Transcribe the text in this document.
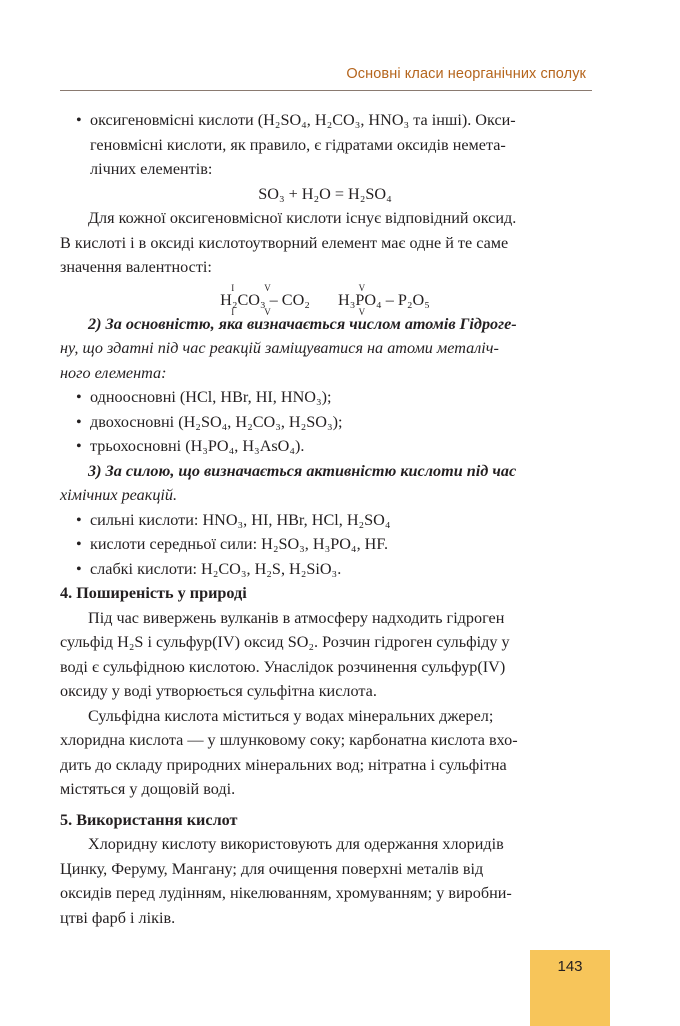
Основні класи неорганічних сполук

• оксигеновмісні кислоти (H₂SO₄, H₂CO₃, HNO₃ та інші). Окси-

геновмісні кислоти, як правило, є гідратами оксидів немета-

лічних елементів:

SO₃ + H₂O = H₂SO₄

Для кожної оксигеновмісної кислоти існує відповідний оксид.

В кислоті і в оксиді кислотоутворний елемент має одне й те саме

значення валентності:

IV IV
H₂CO₃ – CO₂
V V
H₃PO₄ – P₂O₅

2) За основністю, яка визначається числом атомів Гідроге-

ну, що здатні під час реакцій заміщуватися на атоми металіч-

ного елемента:

• одноосновні (HCl, HBr, HI, HNO₃);

• двохосновні (H₂SO₄, H₂CO₃, H₂SO₃);

• трьохосновні (H₃PO₄, H₃AsO₄).

3) За силою, що визначається активністю кислоти під час

хімічних реакцій.

• сильні кислоти: HNO₃, HI, HBr, HCl, H₂SO₄

• кислоти середньої сили: H₂SO₃, H₃PO₄, HF.

• слабкі кислоти: H₂CO₃, H₂S, H₂SiO₃.

4. Поширеність у природі

Під час вивержень вулканів в атмосферу надходить гідроген

сульфід H₂S і сульфур(IV) оксид SO₂. Розчин гідроген сульфіду у

воді є сульфідною кислотою. Унаслідок розчинення сульфур(IV)

оксиду у воді утворюється сульфітна кислота.

Сульфідна кислота міститься у водах мінеральних джерел;

хлоридна кислота — у шлунковому соку; карбонатна кислота вхо-

дить до складу природних мінеральних вод; нітратна і сульфітна

містяться у дощовій воді.

5. Використання кислот

Хлоридну кислоту використовують для одержання хлоридів

Цинку, Феруму, Мангану; для очищення поверхні металів від

оксидів перед лудінням, нікелюванням, хромуванням; у виробни-

цтві фарб і ліків.

143
